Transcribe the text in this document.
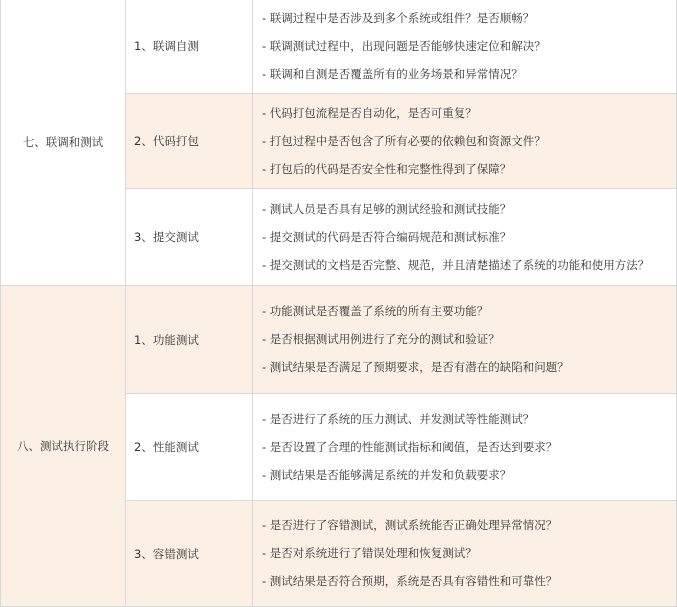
七、联调和测试	1、联调自测	- 联调过程中是否涉及到多个系统或组件？是否顺畅？
- 联调测试过程中，出现问题是否能够快速定位和解决？
- 联调和自测是否覆盖所有的业务场景和异常情况？

	2、代码打包	- 代码打包流程是否自动化，是否可重复？
- 打包过程中是否包含了所有必要的依赖包和资源文件？
- 打包后的代码是否安全性和完整性得到了保障？

	3、提交测试	- 测试人员是否具有足够的测试经验和测试技能？
- 提交测试的代码是否符合编码规范和测试标准？
- 提交测试的文档是否完整、规范，并且清楚描述了系统的功能和使用方法？

八、测试执行阶段	1、功能测试	- 功能测试是否覆盖了系统的所有主要功能？
- 是否根据测试用例进行了充分的测试和验证？
- 测试结果是否满足了预期要求，是否有潜在的缺陷和问题？

	2、性能测试	- 是否进行了系统的压力测试、并发测试等性能测试？
- 是否设置了合理的性能测试指标和阈值，是否达到要求？
- 测试结果是否能够满足系统的并发和负载要求？

	3、容错测试	- 是否进行了容错测试，测试系统能否正确处理异常情况？
- 是否对系统进行了错误处理和恢复测试？
- 测试结果是否符合预期，系统是否具有容错性和可靠性？
